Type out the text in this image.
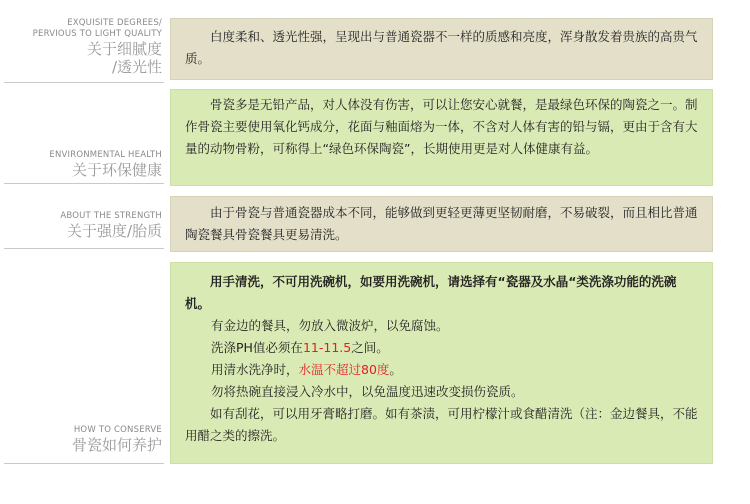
EXQUISITE DEGREES/
PERVIOUS TO LIGHT QUALITY
关于细腻度
/透光性

白度柔和、透光性强，呈现出与普通瓷器不一样的质感和亮度，浑身散发着贵族的高贵气质。

ENVIRONMENTAL HEALTH
关于环保健康

骨瓷多是无铅产品，对人体没有伤害，可以让您安心就餐，是最绿色环保的陶瓷之一。制作骨瓷主要使用氧化钙成分，花面与釉面熔为一体，不含对人体有害的铅与镉，更由于含有大量的动物骨粉，可称得上“绿色环保陶瓷”，长期使用更是对人体健康有益。

ABOUT THE STRENGTH
关于强度/胎质

由于骨瓷与普通瓷器成本不同，能够做到更轻更薄更坚韧耐磨，不易破裂，而且相比普通陶瓷餐具骨瓷餐具更易清洗。

HOW TO CONSERVE
骨瓷如何养护

用手清洗，不可用洗碗机，如要用洗碗机，请选择有“瓷器及水晶“类洗涤功能的洗碗机。

有金边的餐具，勿放入微波炉，以免腐蚀。

洗涤PH值必须在11-11.5之间。

用清水洗净时，水温不超过80度。

勿将热碗直接浸入冷水中，以免温度迅速改变损伤瓷质。

如有刮花，可以用牙膏略打磨。如有茶渍，可用柠檬汁或食醋清洗（注：金边餐具，不能用醋之类的擦洗。
